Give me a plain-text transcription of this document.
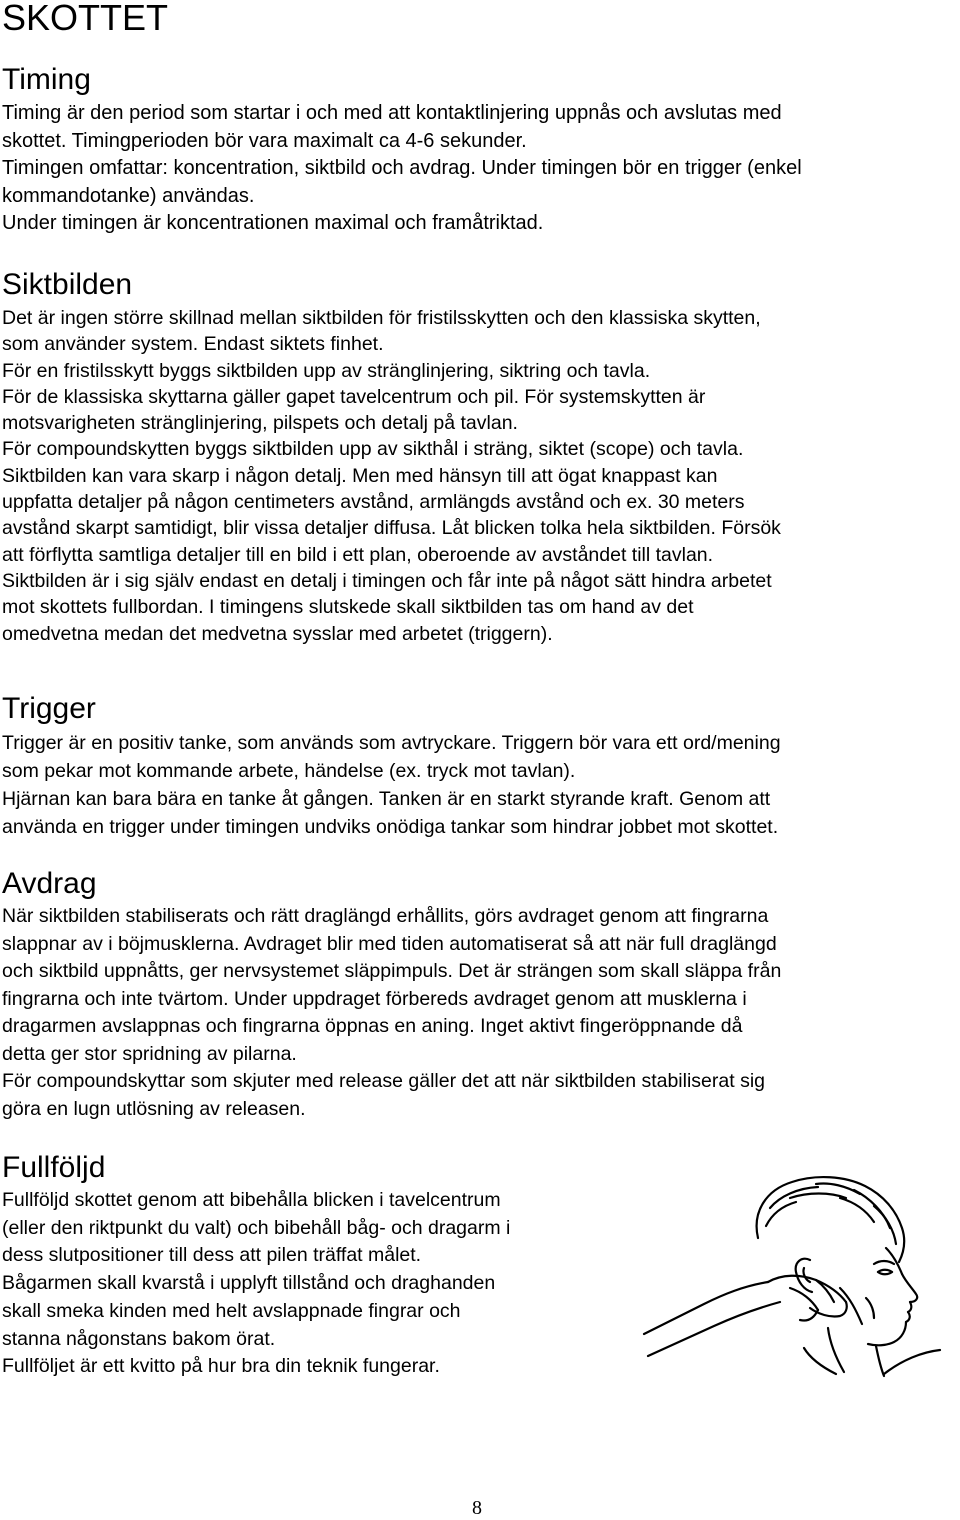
SKOTTET
Timing
Timing är den period som startar i och med att kontaktlinjering uppnås och avslutas med
skottet. Timingperioden bör vara maximalt ca 4-6 sekunder.
Timingen omfattar: koncentration, siktbild och avdrag. Under timingen bör en trigger (enkel
kommandotanke) användas.
Under timingen är koncentrationen maximal och framåtriktad.
Siktbilden
Det är ingen större skillnad mellan siktbilden för fristilsskytten och den klassiska skytten,
som använder system. Endast siktets finhet.
För en fristilsskytt byggs siktbilden upp av stränglinjering, siktring och tavla.
För de klassiska skyttarna gäller gapet tavelcentrum och pil. För systemskytten är
motsvarigheten stränglinjering, pilspets och detalj på tavlan.
För compoundskytten byggs siktbilden upp av sikthål i sträng, siktet (scope) och tavla.
Siktbilden kan vara skarp i någon detalj. Men med hänsyn till att ögat knappast kan
uppfatta detaljer på någon centimeters avstånd, armlängds avstånd och ex. 30 meters
avstånd skarpt samtidigt, blir vissa detaljer diffusa. Låt blicken tolka hela siktbilden. Försök
att förflytta samtliga detaljer till en bild i ett plan, oberoende av avståndet till tavlan.
Siktbilden är i sig själv endast en detalj i timingen och får inte på något sätt hindra arbetet
mot skottets fullbordan. I timingens slutskede skall siktbilden tas om hand av det
omedvetna medan det medvetna sysslar med arbetet (triggern).
Trigger
Trigger är en positiv tanke, som används som avtryckare. Triggern bör vara ett ord/mening
som pekar mot kommande arbete, händelse (ex. tryck mot tavlan).
Hjärnan kan bara bära en tanke åt gången. Tanken är en starkt styrande kraft. Genom att
använda en trigger under timingen undviks onödiga tankar som hindrar jobbet mot skottet.
Avdrag
När siktbilden stabiliserats och rätt draglängd erhållits, görs avdraget genom att fingrarna
slappnar av i böjmusklerna. Avdraget blir med tiden automatiserat så att när full draglängd
och siktbild uppnåtts, ger nervsystemet släppimpuls. Det är strängen som skall släppa från
fingrarna och inte tvärtom. Under uppdraget förbereds avdraget genom att musklerna i
dragarmen avslappnas och fingrarna öppnas en aning. Inget aktivt fingeröppnande då
detta ger stor spridning av pilarna.
För compoundskyttar som skjuter med release gäller det att när siktbilden stabiliserat sig
göra en lugn utlösning av releasen.
Fullföljd
Fullföljd skottet genom att bibehålla blicken i tavelcentrum
(eller den riktpunkt du valt) och bibehåll båg- och dragarm i
dess slutpositioner till dess att pilen träffat målet.
Bågarmen skall kvarstå i upplyft tillstånd och draghanden
skall smeka kinden med helt avslappnade fingrar och
stanna någonstans bakom örat.
Fullföljet är ett kvitto på hur bra din teknik fungerar.
8
